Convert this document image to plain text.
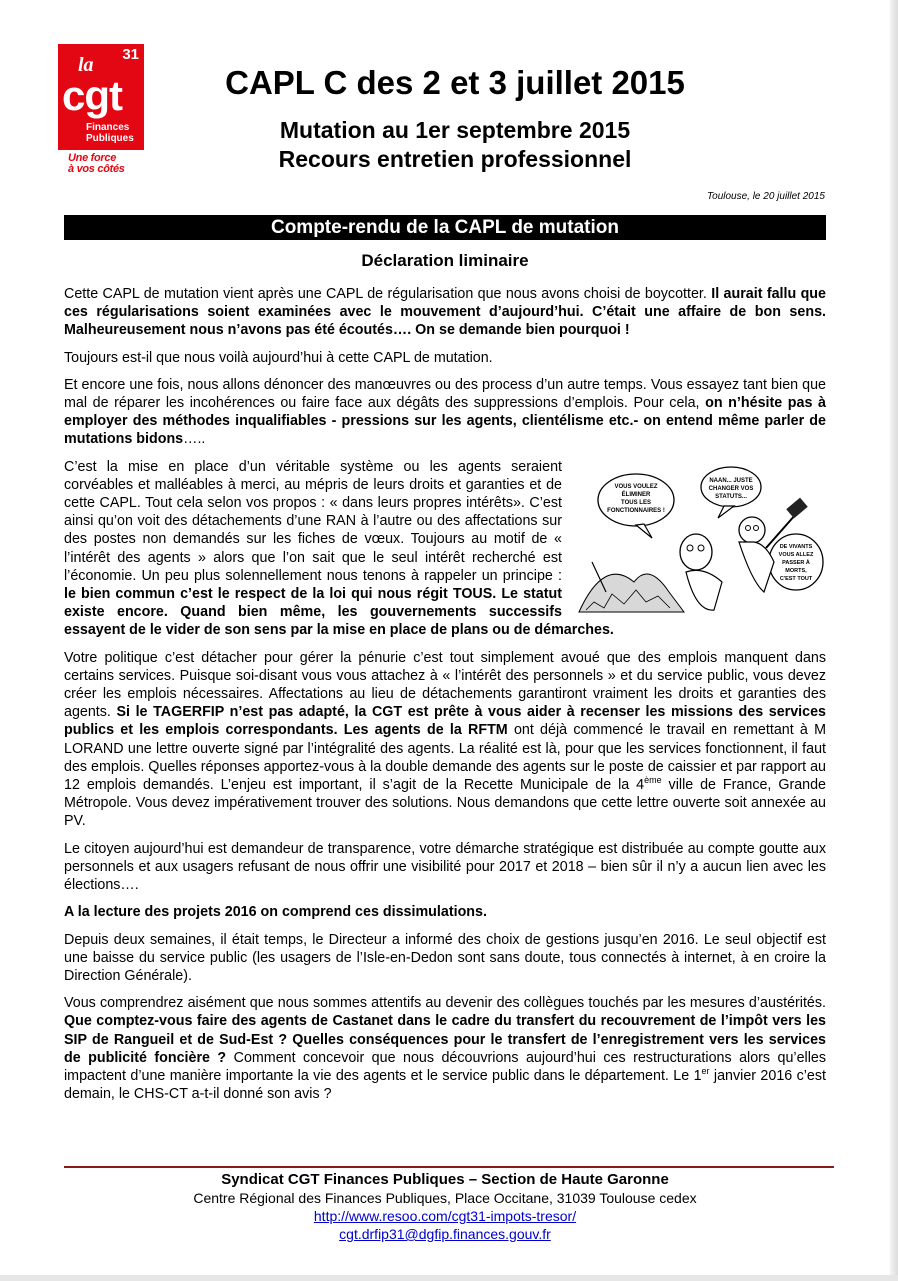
31
la
cgt
Finances
Publiques
Une force
à vos côtés
CAPL C des 2 et 3 juillet 2015
Mutation au 1er septembre 2015
Recours entretien professionnel
Toulouse, le 20 juillet 2015
Compte-rendu de la CAPL de mutation
Déclaration liminaire

Cette CAPL de mutation vient après une CAPL de régularisation que nous avons choisi de boycotter. Il aurait fallu que ces régularisations soient examinées avec le mouvement d’aujourd’hui. C’était une affaire de bon sens. Malheureusement nous n’avons pas été écoutés…. On se demande bien pourquoi !

Toujours est-il que nous voilà aujourd’hui à cette CAPL de mutation.

Et encore une fois, nous allons dénoncer des manœuvres ou des process d’un autre temps. Vous essayez tant bien que mal de réparer les incohérences ou faire face aux dégâts des suppressions d’emplois. Pour cela, on n’hésite pas à employer des méthodes inqualifiables - pressions sur les agents, clientélisme etc.- on entend même parler de mutations bidons…..

VOUS VOULEZ ÉLIMINER TOUS LES FONCTIONNAIRES !
NAAN... JUSTE CHANGER VOS STATUTS...
DE VIVANTS VOUS ALLEZ PASSER À MORTS, C'EST TOUT
C’est la mise en place d’un véritable système ou les agents seraient corvéables et malléables à merci, au mépris de leurs droits et garanties et de cette CAPL. Tout cela selon vos propos : « dans leurs propres intérêts». C’est ainsi qu’on voit des détachements d’une RAN à l’autre ou des affectations sur des postes non demandés sur les fiches de vœux. Toujours au motif de « l’intérêt des agents » alors que l’on sait que le seul intérêt recherché est l’économie. Un peu plus solennellement nous tenons à rappeler un principe : le bien commun c’est le respect de la loi qui nous régit TOUS. Le statut existe encore. Quand bien même, les gouvernements successifs essayent de le vider de son sens par la mise en place de plans ou de démarches.

Votre politique c’est détacher pour gérer la pénurie c’est tout simplement avoué que des emplois manquent dans certains services. Puisque soi-disant vous vous attachez à « l’intérêt des personnels » et du service public, vous devez créer les emplois nécessaires. Affectations au lieu de détachements garantiront vraiment les droits et garanties des agents. Si le TAGERFIP n’est pas adapté, la CGT est prête à vous aider à recenser les missions des services publics et les emplois correspondants. Les agents de la RFTM ont déjà commencé le travail en remettant à M LORAND une lettre ouverte signé par l’intégralité des agents. La réalité est là, pour que les services fonctionnent, il faut des emplois. Quelles réponses apportez-vous à la double demande des agents sur le poste de caissier et par rapport au 12 emplois demandés. L’enjeu est important, il s’agit de la Recette Municipale de la 4ème ville de France, Grande Métropole. Vous devez impérativement trouver des solutions. Nous demandons que cette lettre ouverte soit annexée au PV.

Le citoyen aujourd’hui est demandeur de transparence, votre démarche stratégique est distribuée au compte goutte aux personnels et aux usagers refusant de nous offrir une visibilité pour 2017 et 2018 – bien sûr il n’y a aucun lien avec les élections….

A la lecture des projets 2016 on comprend ces dissimulations.

Depuis deux semaines, il était temps, le Directeur a informé des choix de gestions jusqu’en 2016. Le seul objectif est une baisse du service public (les usagers de l’Isle-en-Dedon sont sans doute, tous connectés à internet, à en croire la Direction Générale).

Vous comprendrez aisément que nous sommes attentifs au devenir des collègues touchés par les mesures d’austérités. Que comptez-vous faire des agents de Castanet dans le cadre du transfert du recouvrement de l’impôt vers les SIP de Rangueil et de Sud-Est ? Quelles conséquences pour le transfert de l’enregistrement vers les services de publicité foncière ? Comment concevoir que nous découvrions aujourd’hui ces restructurations alors qu’elles impactent d’une manière importante la vie des agents et le service public dans le département. Le 1er janvier 2016 c’est demain, le CHS-CT a-t-il donné son avis ?

Syndicat CGT Finances Publiques – Section de Haute Garonne
Centre Régional des Finances Publiques, Place Occitane, 31039 Toulouse cedex
http://www.resoo.com/cgt31-impots-tresor/
cgt.drfip31@dgfip.finances.gouv.fr
